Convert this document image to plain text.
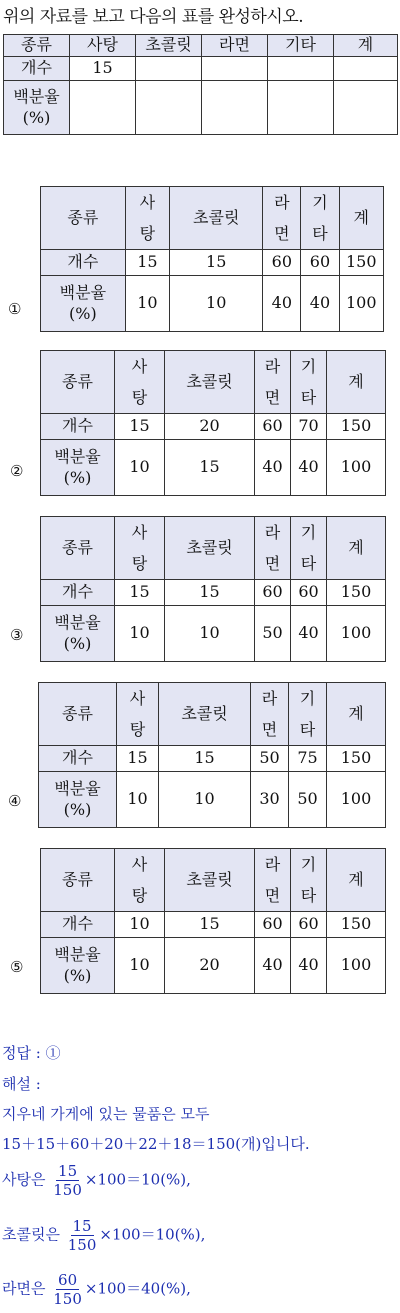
위의 자료를 보고 다음의 표를 완성하시오.
종류	사탕	초콜릿	라면	기타	계
개수	15				

백분율
(%)					

①
종류	사탕	초콜릿	라면	기타	계
개수	15	15	60	60	150

백분율
(%)	10	10	40	40	100
②
종류	사탕	초콜릿	라면	기타	계
개수	15	20	60	70	150

백분율
(%)	10	15	40	40	100
③
종류	사탕	초콜릿	라면	기타	계
개수	15	15	60	60	150

백분율
(%)	10	10	50	40	100
④
종류	사탕	초콜릿	라면	기타	계
개수	15	15	50	75	150

백분율
(%)	10	10	30	50	100
⑤
종류	사탕	초콜릿	라면	기타	계
개수	10	15	60	60	150

백분율
(%)	10	20	40	40	100
정답 : ①
해설 :
지우네 가게에 있는 물품은 모두
15＋15＋60＋20＋22＋18＝150(개)입니다.
사탕은 $\frac{15}{150} \times 100=10(\%)$,
초콜릿은 $\frac{15}{150} \times 100=10(\%)$,
라면은 $\frac{60}{150} \times 100=40(\%)$,
